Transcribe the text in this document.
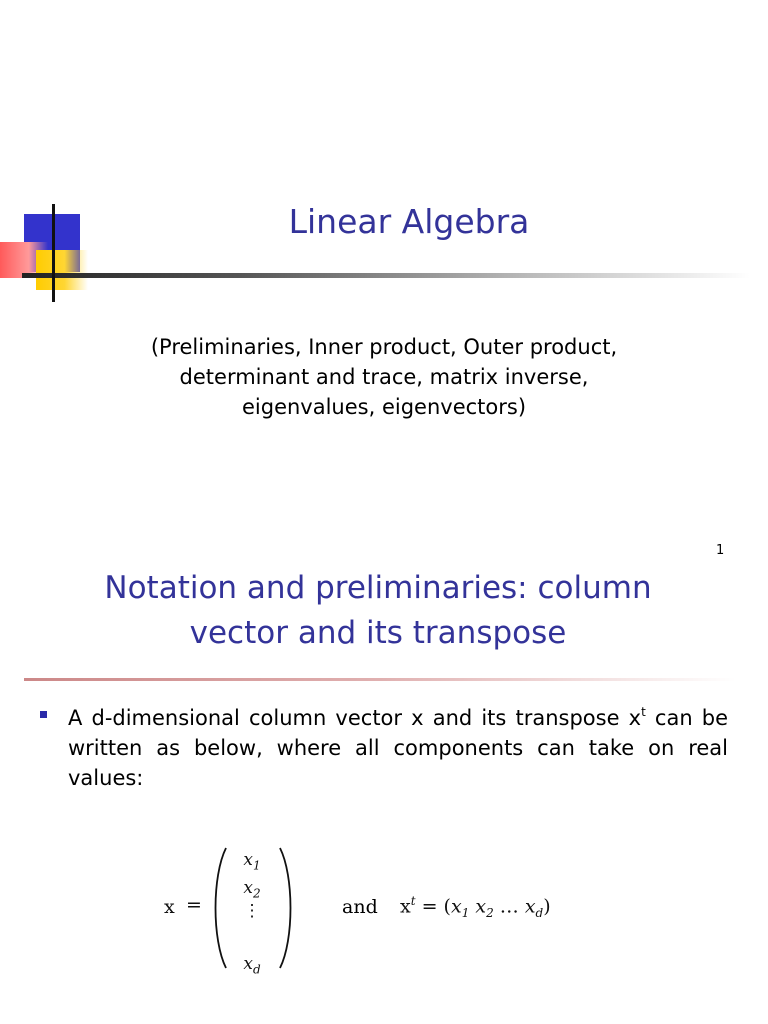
Linear Algebra
(Preliminaries, Inner product, Outer product,
determinant and trace, matrix inverse,
eigenvalues, eigenvectors)
1
Notation and preliminaries: column
vector and its transpose
A d-dimensional column vector x and its transpose $x^t$ can be written as below, where all components can take on real values:
x =
$x_1$
$x_2$
⋮
$x_d$
and $x^t = (x_1$ $x_2$ … $x_d$)
